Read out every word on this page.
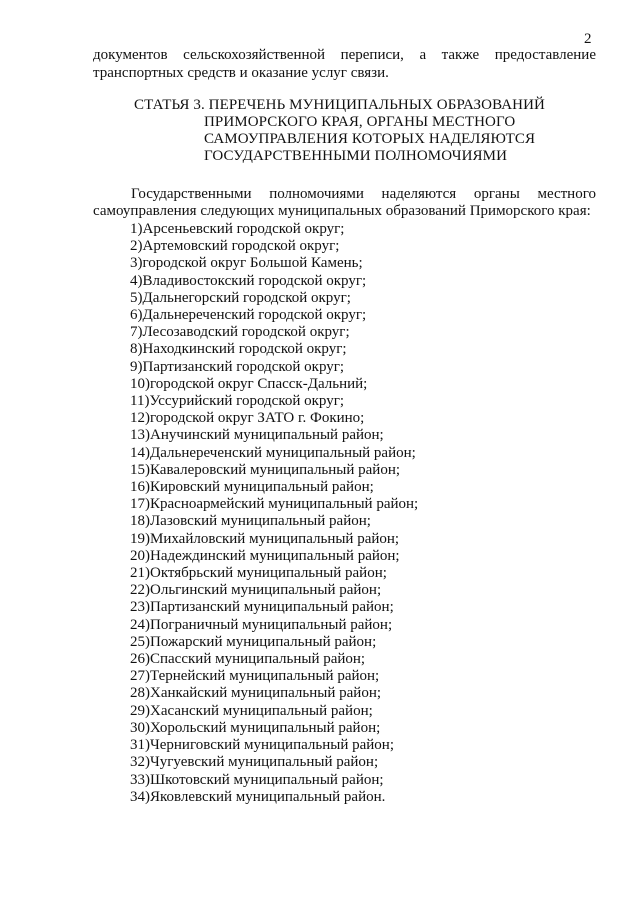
2
документов сельскохозяйственной переписи, а также предоставление
транспортных средств и оказание услуг связи.
СТАТЬЯ 3. ПЕРЕЧЕНЬ МУНИЦИПАЛЬНЫХ ОБРАЗОВАНИЙ
ПРИМОРСКОГО КРАЯ, ОРГАНЫ МЕСТНОГО
САМОУПРАВЛЕНИЯ КОТОРЫХ НАДЕЛЯЮТСЯ
ГОСУДАРСТВЕННЫМИ ПОЛНОМОЧИЯМИ
Государственными полномочиями наделяются органы местного
самоуправления следующих муниципальных образований Приморского края:
1)Арсеньевский городской округ;
2)Артемовский городской округ;
3)городской округ Большой Камень;
4)Владивостокский городской округ;
5)Дальнегорский городской округ;
6)Дальнереченский городской округ;
7)Лесозаводский городской округ;
8)Находкинский городской округ;
9)Партизанский городской округ;
10)городской округ Спасск-Дальний;
11)Уссурийский городской округ;
12)городской округ ЗАТО г. Фокино;
13)Анучинский муниципальный район;
14)Дальнереченский муниципальный район;
15)Кавалеровский муниципальный район;
16)Кировский муниципальный район;
17)Красноармейский муниципальный район;
18)Лазовский муниципальный район;
19)Михайловский муниципальный район;
20)Надеждинский муниципальный район;
21)Октябрьский муниципальный район;
22)Ольгинский муниципальный район;
23)Партизанский муниципальный район;
24)Пограничный муниципальный район;
25)Пожарский муниципальный район;
26)Спасский муниципальный район;
27)Тернейский муниципальный район;
28)Ханкайский муниципальный район;
29)Хасанский муниципальный район;
30)Хорольский муниципальный район;
31)Черниговский муниципальный район;
32)Чугуевский муниципальный район;
33)Шкотовский муниципальный район;
34)Яковлевский муниципальный район.
